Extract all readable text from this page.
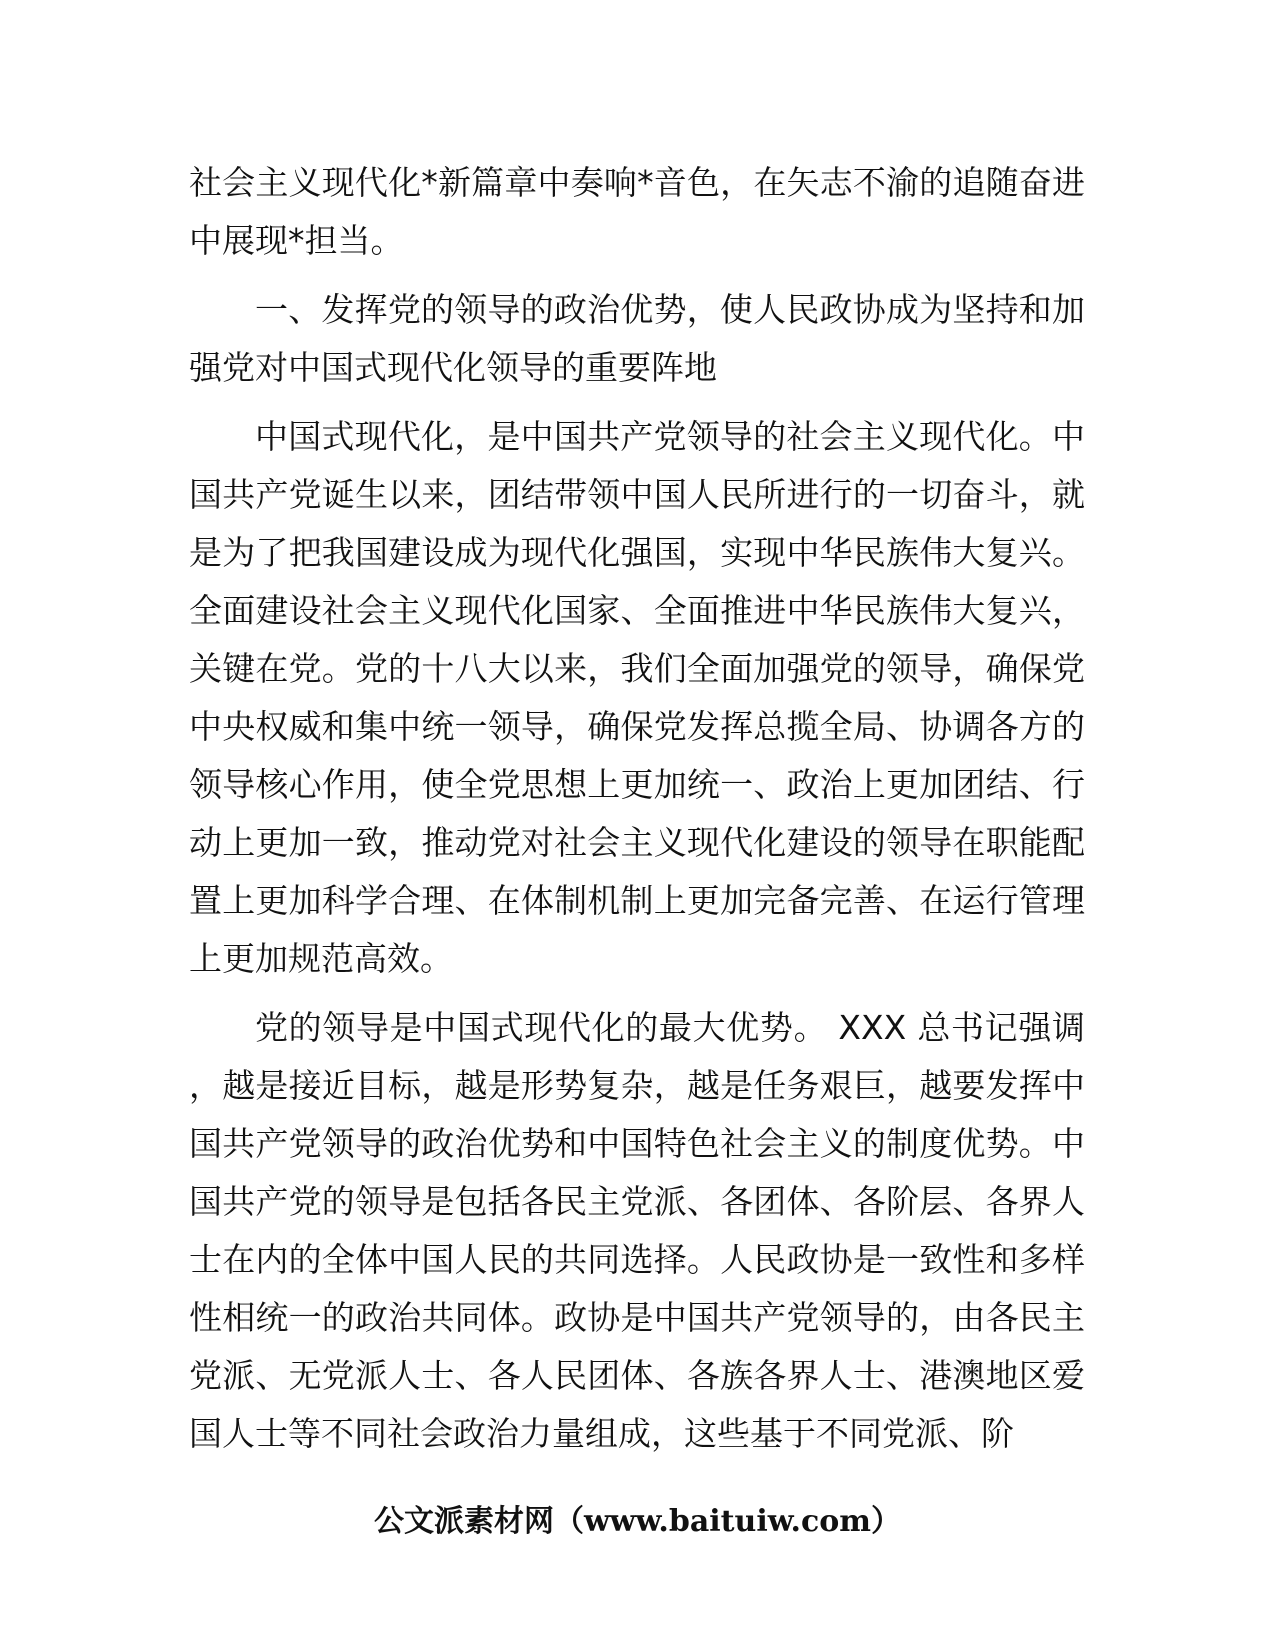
社会主义现代化*新篇章中奏响*音色，在矢志不渝的追随奋进中展现*担当。

一、发挥党的领导的政治优势，使人民政协成为坚持和加强党对中国式现代化领导的重要阵地

中国式现代化，是中国共产党领导的社会主义现代化。中国共产党诞生以来，团结带领中国人民所进行的一切奋斗，就是为了把我国建设成为现代化强国，实现中华民族伟大复兴。全面建设社会主义现代化国家、全面推进中华民族伟大复兴，关键在党。党的十八大以来，我们全面加强党的领导，确保党中央权威和集中统一领导，确保党发挥总揽全局、协调各方的领导核心作用，使全党思想上更加统一、政治上更加团结、行动上更加一致，推动党对社会主义现代化建设的领导在职能配置上更加科学合理、在体制机制上更加完备完善、在运行管理上更加规范高效。

党的领导是中国式现代化的最大优势。 XXX 总书记强调，越是接近目标，越是形势复杂，越是任务艰巨，越要发挥中国共产党领导的政治优势和中国特色社会主义的制度优势。中国共产党的领导是包括各民主党派、各团体、各阶层、各界人士在内的全体中国人民的共同选择。人民政协是一致性和多样性相统一的政治共同体。政协是中国共产党领导的，由各民主党派、无党派人士、各人民团体、各族各界人士、港澳地区爱国人士等不同社会政治力量组成，这些基于不同党派、阶

公文派素材网（www.baituiw.com）
